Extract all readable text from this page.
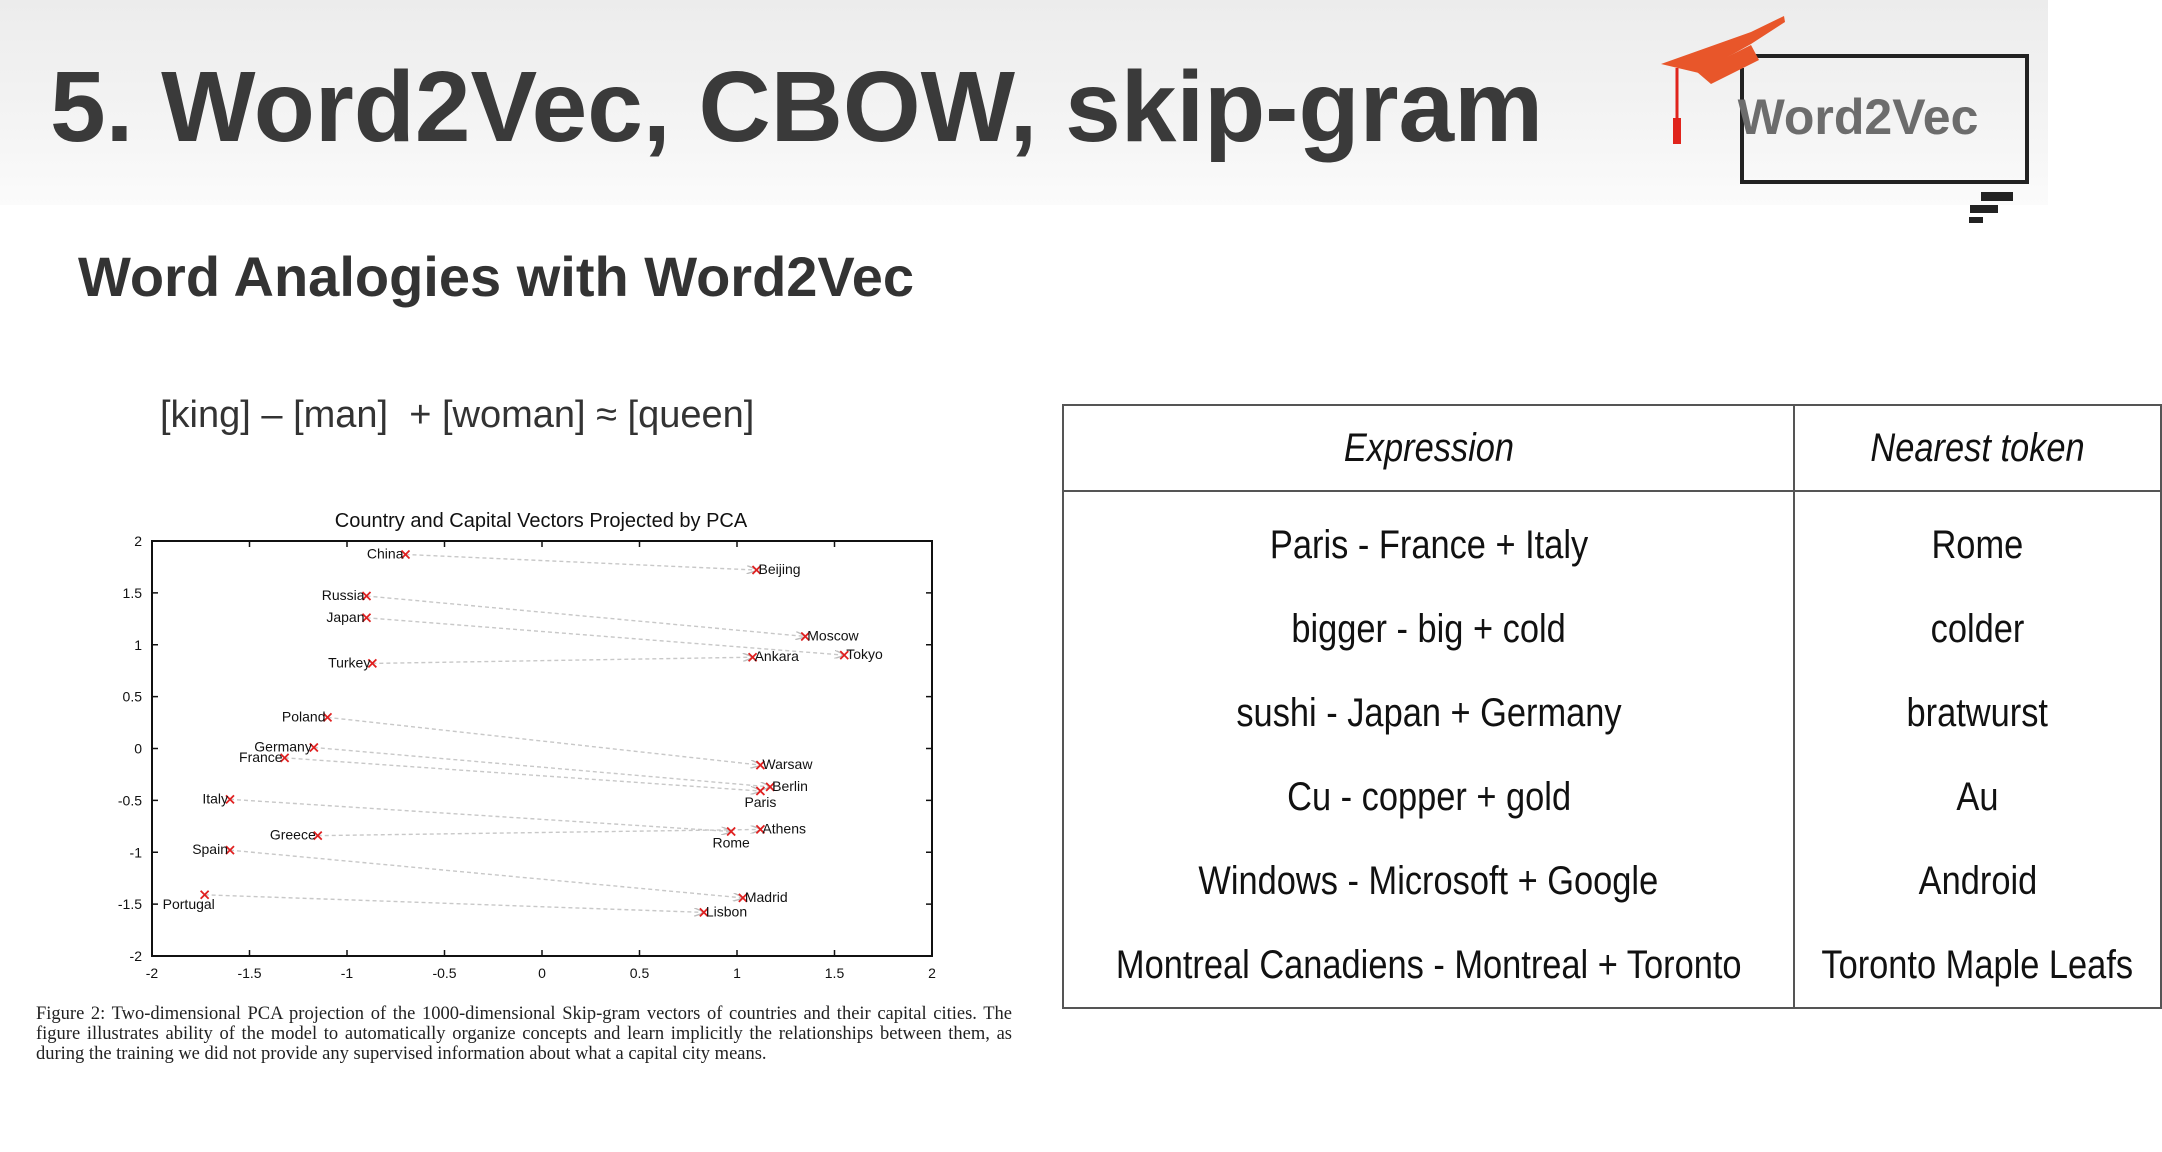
5. Word2Vec, CBOW, skip-gram	Word2Vec
Word Analogies with Word2Vec
[king] – [man]  + [woman] ≈ [queen]
Country and Capital Vectors Projected by PCA
China
Beijing
Russia
Japan
Moscow
Tokyo
Turkey	Ankara
Poland
Germany
France	Warsaw
Berlin
Paris
Italy
Greece	Athens
Rome
Spain
Portugal	Madrid
Lisbon
-2	-1.5	-1	-0.5	0	0.5	1	1.5	2
2
1.5
1
0.5
0
-0.5
-1
-1.5
-2
Figure 2: Two-dimensional PCA projection of the 1000-dimensional Skip-gram vectors of countries and their capital cities. The figure illustrates ability of the model to automatically organize concepts and learn implicitly the relationships between them, as during the training we did not provide any supervised information about what a capital city means.
Expression	Nearest token
Paris - France + Italy	Rome
bigger - big + cold	colder
sushi - Japan + Germany	bratwurst
Cu - copper + gold	Au
Windows - Microsoft + Google	Android
Montreal Canadiens - Montreal + Toronto	Toronto Maple Leafs
